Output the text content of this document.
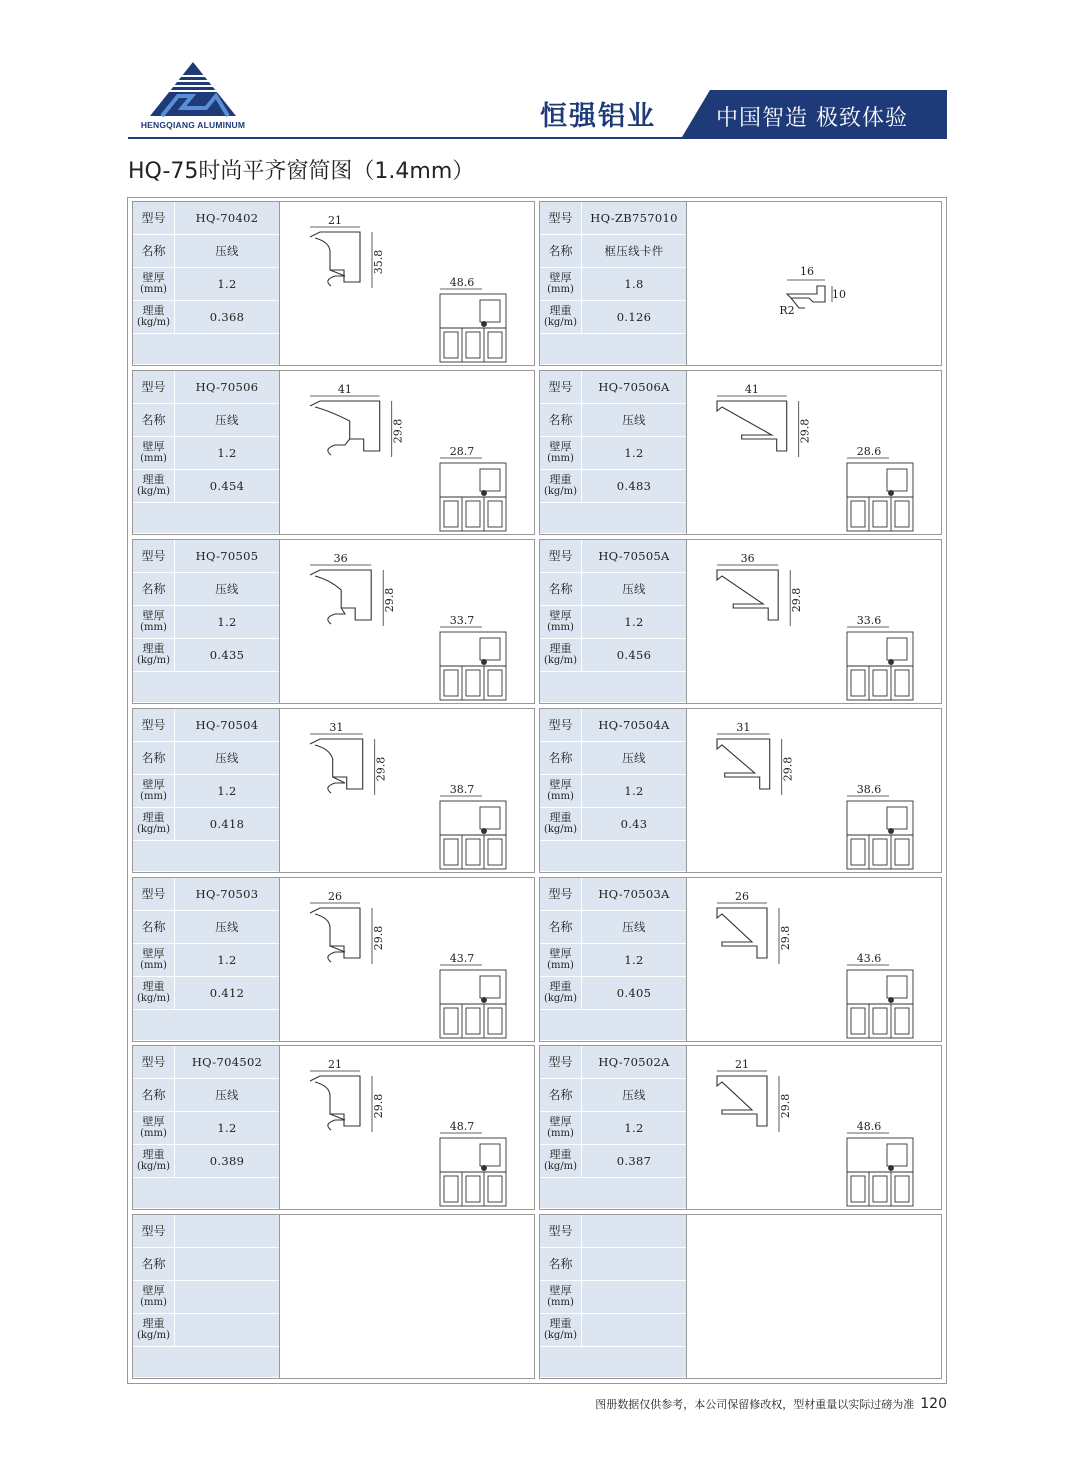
HENGQIANG ALUMINUM	恒强铝业	中国智造 极致体验
HQ-75时尚平齐窗简图（1.4mm）
型号	HQ-70402
名称	压线
壁厚
(mm)	1.2
理重
(kg/m)	0.368
21
35.8
48.6
型号	HQ-ZB757010
名称	框压线卡件
壁厚
(mm)	1.8
理重
(kg/m)	0.126
16
10
R2
型号	HQ-70506
名称	压线
壁厚
(mm)	1.2
理重
(kg/m)	0.454
41
29.8
28.7
型号	HQ-70506A
名称	压线
壁厚
(mm)	1.2
理重
(kg/m)	0.483
41
29.8
28.6
型号	HQ-70505
名称	压线
壁厚
(mm)	1.2
理重
(kg/m)	0.435
36
29.8
33.7
型号	HQ-70505A
名称	压线
壁厚
(mm)	1.2
理重
(kg/m)	0.456
36
29.8
33.6
型号	HQ-70504
名称	压线
壁厚
(mm)	1.2
理重
(kg/m)	0.418
31
29.8
38.7
型号	HQ-70504A
名称	压线
壁厚
(mm)	1.2
理重
(kg/m)	0.43
31
29.8
38.6
型号	HQ-70503
名称	压线
壁厚
(mm)	1.2
理重
(kg/m)	0.412
26
29.8
43.7
型号	HQ-70503A
名称	压线
壁厚
(mm)	1.2
理重
(kg/m)	0.405
26
29.8
43.6
型号	HQ-704502
名称	压线
壁厚
(mm)	1.2
理重
(kg/m)	0.389
21
29.8
48.7
型号	HQ-70502A
名称	压线
壁厚
(mm)	1.2
理重
(kg/m)	0.387
21
29.8
48.6
型号
名称
壁厚
(mm)
理重
(kg/m)
型号
名称
壁厚
(mm)
理重
(kg/m)
图册数据仅供参考，本公司保留修改权，型材重量以实际过磅为准 120
